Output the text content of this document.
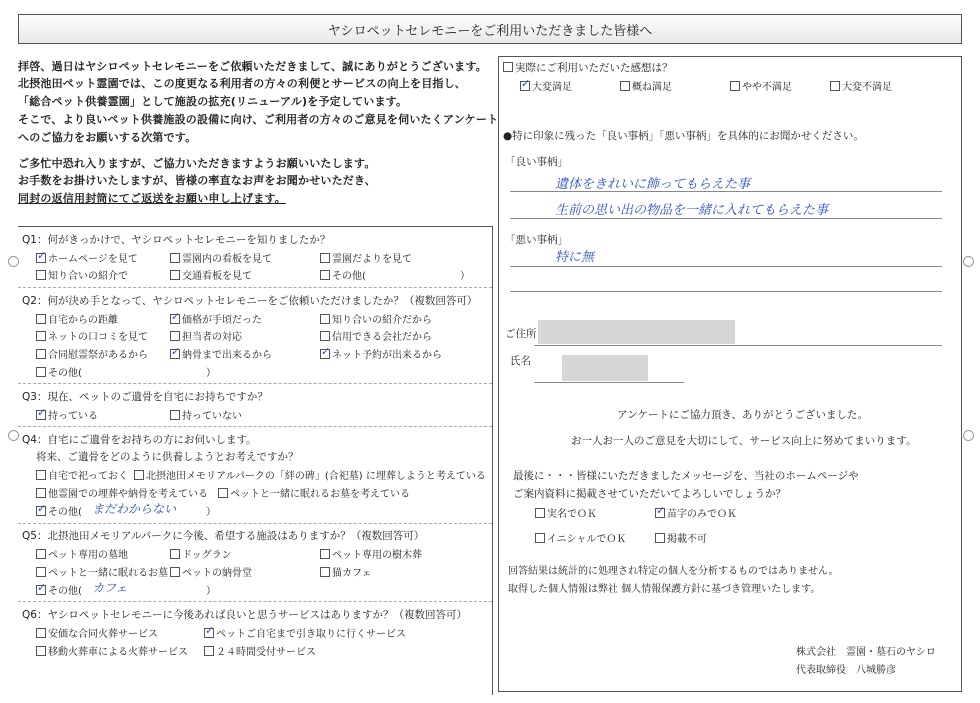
ヤシロペットセレモニーをご利用いただきました皆様へ
拝啓、過日はヤシロペットセレモニーをご依頼いただきまして、誠にありがとうございます。
北摂池田ペット霊園では、この度更なる利用者の方々の利便とサービスの向上を目指し、
「総合ペット供養霊園」として施設の拡充(リニューアル)を予定しています。
そこで、より良いペット供養施設の設備に向け、ご利用者の方々のご意見を伺いたくアンケート
へのご協力をお願いする次第です。
ご多忙中恐れ入りますが、ご協力いただきますようお願いいたします。
お手数をお掛けいたしますが、皆様の率直なお声をお聞かせいただき、
同封の返信用封筒にてご返送をお願い申し上げます。
Q1：何がきっかけで、ヤシロペットセレモニーを知りましたか？
✓ホームページを見て	霊園内の看板を見て	霊園だよりを見て
知り合いの紹介で	交通看板を見て	その他(	）
Q2：何が決め手となって、ヤシロペットセレモニーをご依頼いただけましたか？（複数回答可）
自宅からの距離 ✓	価格が手頃だった	知り合いの紹介だから
ネットの口コミを見て	担当者の対応	信用できる会社だから
合同慰霊祭があるから ✓	納骨まで出来るから ✓	ネット予約が出来るから
その他(	）
Q3：現在、ペットのご遺骨を自宅にお持ちですか？
✓持っている	持っていない
Q4：自宅にご遺骨をお持ちの方にお伺いします。
将来、ご遺骨をどのように供養しようとお考えですか？
自宅で祀っておく	北摂池田メモリアルパークの「絆の碑」(合祀墓) に埋葬しようと考えている
他霊園での埋葬や納骨を考えている	ペットと一緒に眠れるお墓を考えている
✓その他( まだわからない	）
Q5：北摂池田メモリアルパークに今後、希望する施設はありますか？（複数回答可）
ペット専用の墓地	ドッグラン	ペット専用の樹木葬
ペットと一緒に眠れるお墓	ペットの納骨堂	猫カフェ
✓その他( カフェ	）
Q6：ヤシロペットセレモニーに今後あれば良いと思うサービスはありますか？（複数回答可）
安価な合同火葬サービス ✓	ペットご自宅まで引き取りに行くサービス
移動火葬車による火葬サービス	２４時間受付サービス
実際にご利用いただいた感想は？
✓大変満足	概ね満足	やや不満足	大変不満足
●特に印象に残った「良い事柄」「悪い事柄」を具体的にお聞かせください。
「良い事柄」
遺体をきれいに飾ってもらえた事
生前の思い出の物品を一緒に入れてもらえた事
「悪い事柄」
特に無
ご住所
氏名
アンケートにご協力頂き、ありがとうございました。
お一人お一人のご意見を大切にして、サービス向上に努めてまいります。
最後に・・・皆様にいただきましたメッセージを、当社のホームページや
ご案内資料に掲載させていただいてよろしいでしょうか？
実名でＯＫ ✓	苗字のみでＯＫ
イニシャルでＯＫ	掲載不可
回答結果は統計的に処理され特定の個人を分析するものではありません。
取得した個人情報は弊社 個人情報保護方針に基づき管理いたします。
株式会社　霊園・墓石のヤシロ
代表取締役　八城勝彦
